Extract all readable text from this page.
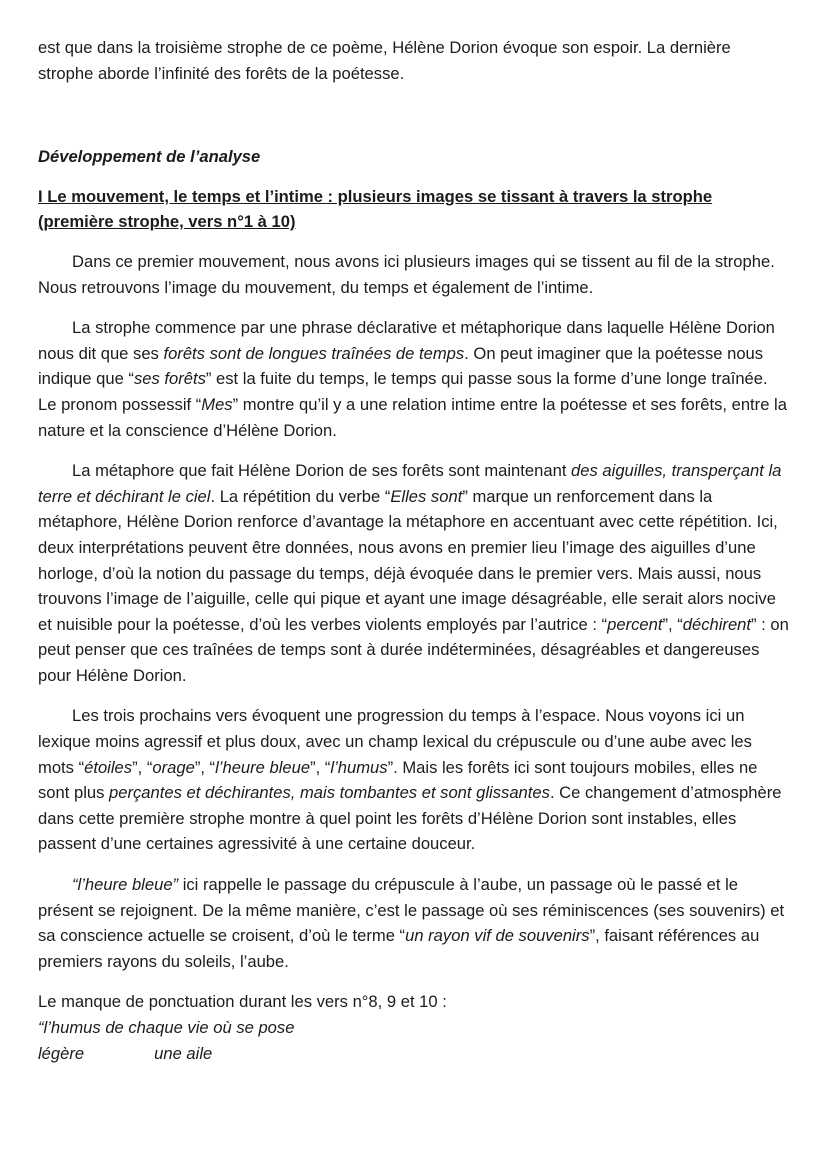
est que dans la troisième strophe de ce poème, Hélène Dorion évoque son espoir. La dernière strophe aborde l’infinité des forêts de la poétesse.

Développement de l’analyse

I Le mouvement, le temps et l’intime : plusieurs images se tissant à travers la strophe (première strophe, vers n°1 à 10)

Dans ce premier mouvement, nous avons ici plusieurs images qui se tissent au fil de la strophe. Nous retrouvons l’image du mouvement, du temps et également de l’intime.

La strophe commence par une phrase déclarative et métaphorique dans laquelle Hélène Dorion nous dit que ses forêts sont de longues traînées de temps. On peut imaginer que la poétesse nous indique que “ses forêts” est la fuite du temps, le temps qui passe sous la forme d’une longe traînée. Le pronom possessif “Mes” montre qu’il y a une relation intime entre la poétesse et ses forêts, entre la nature et la conscience d’Hélène Dorion.

La métaphore que fait Hélène Dorion de ses forêts sont maintenant des aiguilles, transperçant la terre et déchirant le ciel. La répétition du verbe “Elles sont” marque un renforcement dans la métaphore, Hélène Dorion renforce d’avantage la métaphore en accentuant avec cette répétition. Ici, deux interprétations peuvent être données, nous avons en premier lieu l’image des aiguilles d’une horloge, d’où la notion du passage du temps, déjà évoquée dans le premier vers. Mais aussi, nous trouvons l’image de l’aiguille, celle qui pique et ayant une image désagréable, elle serait alors nocive et nuisible pour la poétesse, d’où les verbes violents employés par l’autrice : “percent”, “déchirent” : on peut penser que ces traînées de temps sont à durée indéterminées, désagréables et dangereuses pour Hélène Dorion.

Les trois prochains vers évoquent une progression du temps à l’espace. Nous voyons ici un lexique moins agressif et plus doux, avec un champ lexical du crépuscule ou d’une aube avec les mots “étoiles”, “orage”, “l’heure bleue”, “l’humus”. Mais les forêts ici sont toujours mobiles, elles ne sont plus perçantes et déchirantes, mais tombantes et sont glissantes. Ce changement d’atmosphère dans cette première strophe montre à quel point les forêts d’Hélène Dorion sont instables, elles passent d’une certaines agressivité à une certaine douceur.

“l’heure bleue” ici rappelle le passage du crépuscule à l’aube, un passage où le passé et le présent se rejoignent. De la même manière, c’est le passage où ses réminiscences (ses souvenirs) et sa conscience actuelle se croisent, d’où le terme “un rayon vif de souvenirs”, faisant références au premiers rayons du soleils, l’aube.

Le manque de ponctuation durant les vers n°8, 9 et 10 :

“l’humus de chaque vie où se pose

légère	une aile
